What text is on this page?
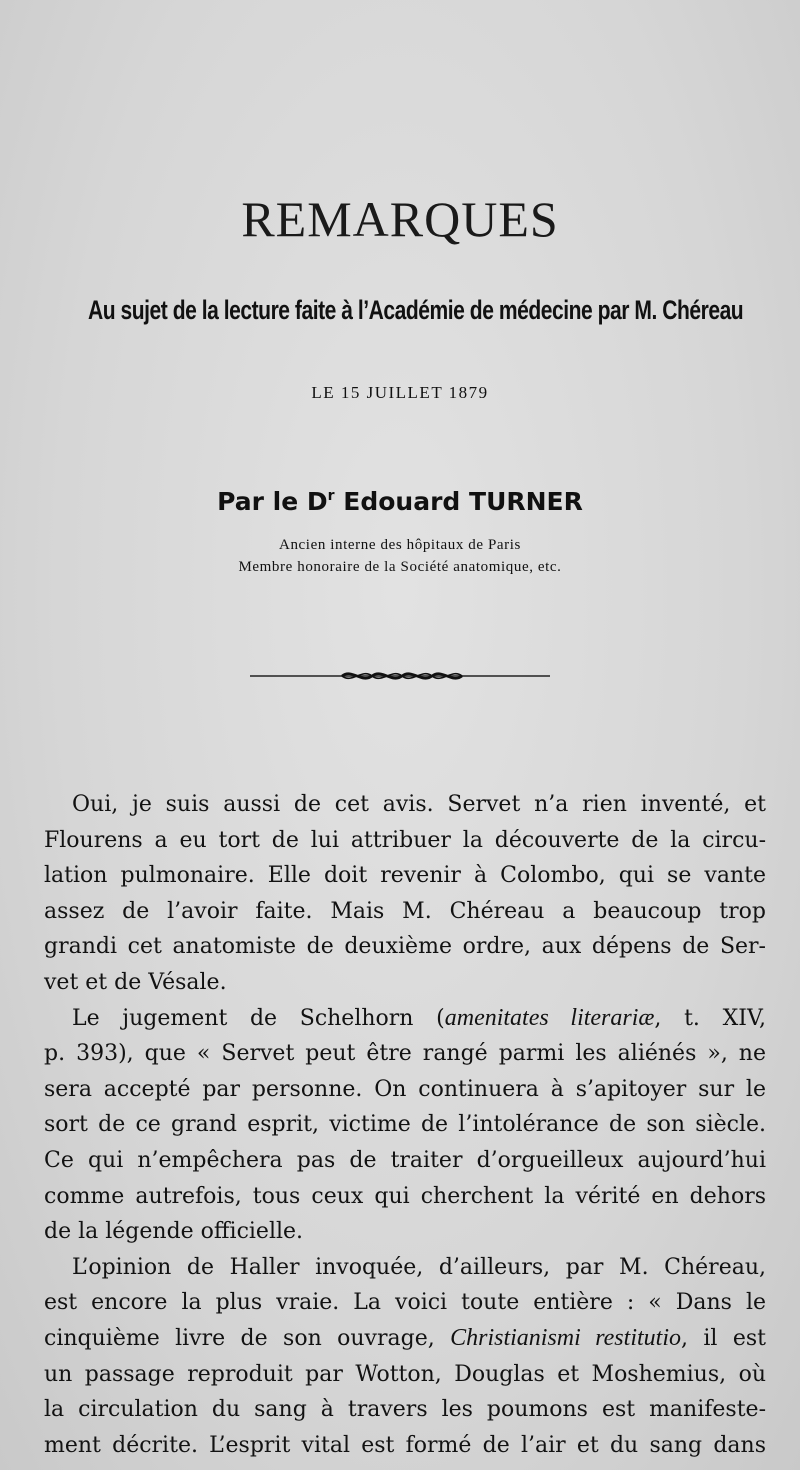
REMARQUES
Au sujet de la lecture faite à l’Académie de médecine par M. Chéreau
LE 15 JUILLET 1879
Par le $D^r$ Edouard TURNER
Ancien interne des hôpitaux de Paris
Membre honoraire de la Société anatomique, etc.
Oui, je suis aussi de cet avis. Servet n’a rien inventé, et
Flourens a eu tort de lui attribuer la découverte de la circu-
lation pulmonaire. Elle doit revenir à Colombo, qui se vante
assez de l’avoir faite. Mais M. Chéreau a beaucoup trop
grandi cet anatomiste de deuxième ordre, aux dépens de Ser-
vet et de Vésale.
Le jugement de Schelhorn (amenitates literariæ, t. XIV,
p. 393), que « Servet peut être rangé parmi les aliénés », ne
sera accepté par personne. On continuera à s’apitoyer sur le
sort de ce grand esprit, victime de l’intolérance de son siècle.
Ce qui n’empêchera pas de traiter d’orgueilleux aujourd’hui
comme autrefois, tous ceux qui cherchent la vérité en dehors
de la légende officielle.
L’opinion de Haller invoquée, d’ailleurs, par M. Chéreau,
est encore la plus vraie. La voici toute entière : « Dans le
cinquième livre de son ouvrage, Christianismi restitutio, il est
un passage reproduit par Wotton, Douglas et Moshemius, où
la circulation du sang à travers les poumons est manifeste-
ment décrite. L’esprit vital est formé de l’air et du sang dans
